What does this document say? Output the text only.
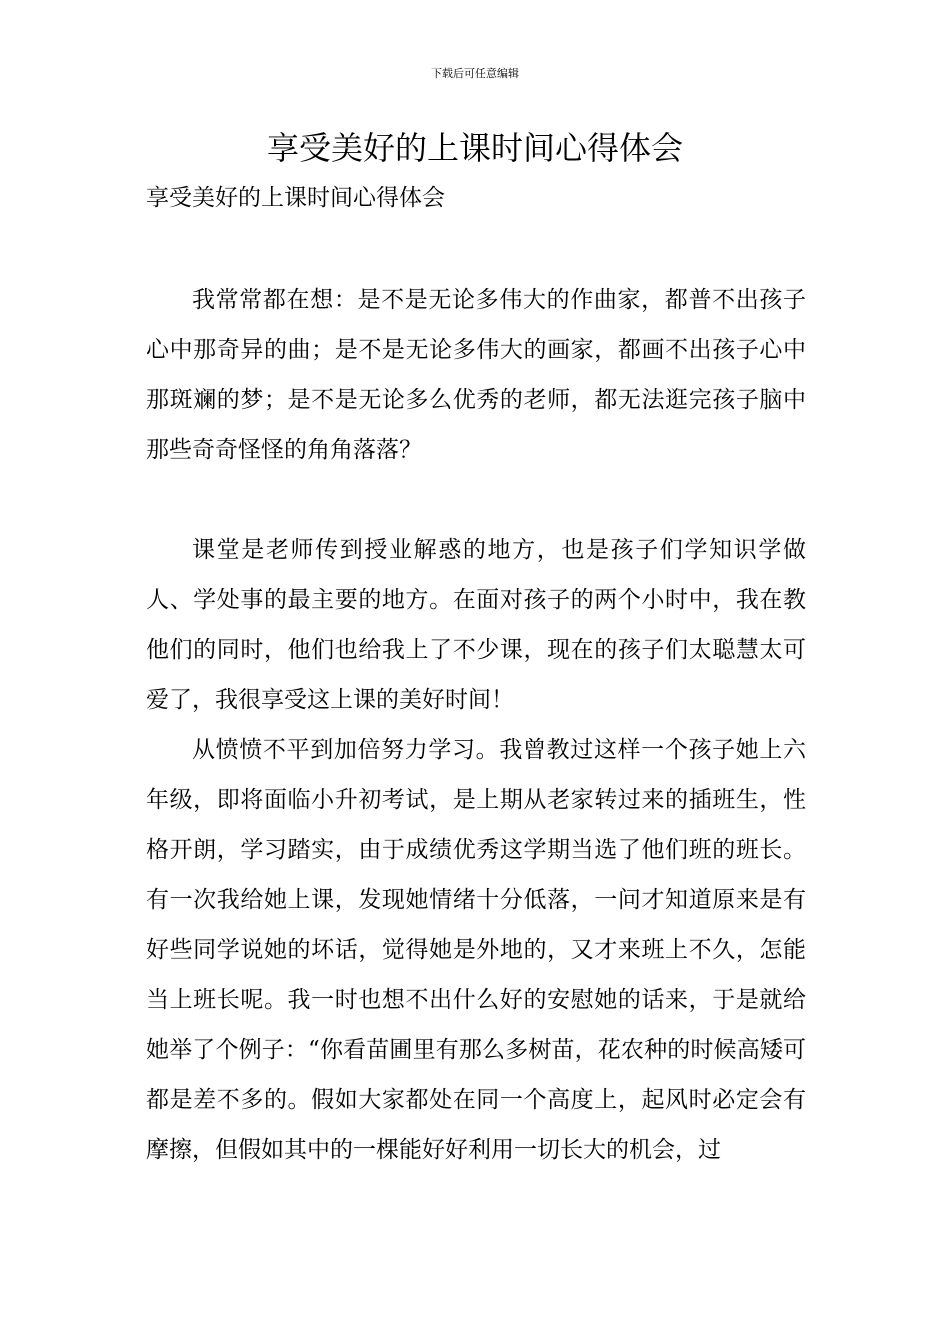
下载后可任意编辑
享受美好的上课时间心得体会

享受美好的上课时间心得体会

我常常都在想：是不是无论多伟大的作曲家，都普不出孩子心中那奇异的曲；是不是无论多伟大的画家，都画不出孩子心中那斑斓的梦；是不是无论多么优秀的老师，都无法逛完孩子脑中那些奇奇怪怪的角角落落？

课堂是老师传到授业解惑的地方，也是孩子们学知识学做人、学处事的最主要的地方。在面对孩子的两个小时中，我在教他们的同时，他们也给我上了不少课，现在的孩子们太聪慧太可爱了，我很享受这上课的美好时间！

从愤愤不平到加倍努力学习。我曾教过这样一个孩子她上六年级，即将面临小升初考试，是上期从老家转过来的插班生，性格开朗，学习踏实，由于成绩优秀这学期当选了他们班的班长。有一次我给她上课，发现她情绪十分低落，一问才知道原来是有好些同学说她的坏话，觉得她是外地的，又才来班上不久，怎能当上班长呢。我一时也想不出什么好的安慰她的话来，于是就给她举了个例子：“你看苗圃里有那么多树苗，花农种的时候高矮可都是差不多的。假如大家都处在同一个高度上，起风时必定会有摩擦，但假如其中的一棵能好好利用一切长大的机会，过
